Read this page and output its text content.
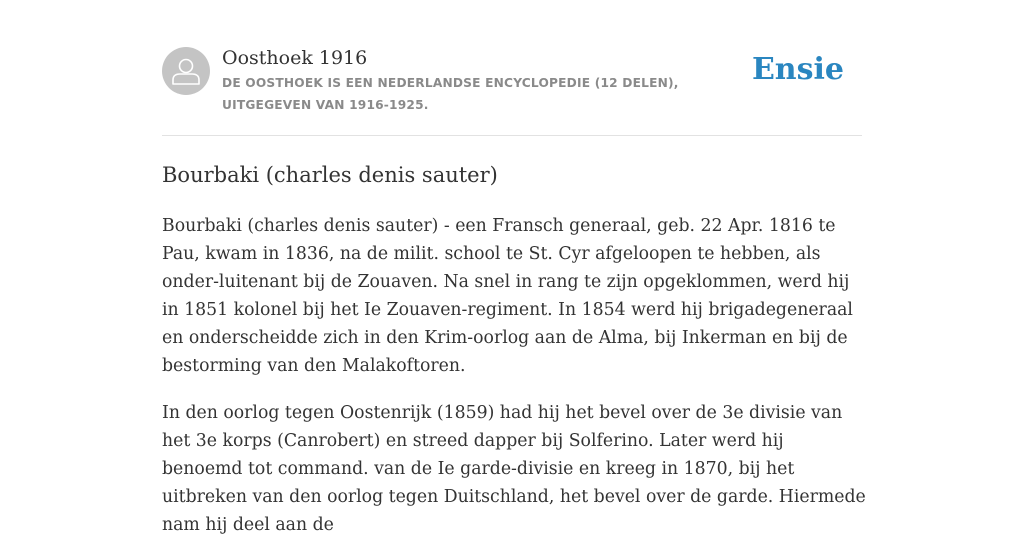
Oosthoek 1916
DE OOSTHOEK IS EEN NEDERLANDSE ENCYCLOPEDIE (12 DELEN), UITGEGEVEN VAN 1916-1925.
Ensie
Bourbaki (charles denis sauter)

Bourbaki (charles denis sauter) - een Fransch generaal, geb. 22 Apr. 1816 te Pau, kwam in 1836, na de milit. school te St. Cyr afgeloopen te hebben, als onder-luitenant bij de Zouaven. Na snel in rang te zijn opgeklommen, werd hij in 1851 kolonel bij het Ie Zouaven-regiment. In 1854 werd hij brigadegeneraal en onderscheidde zich in den Krim-oorlog aan de Alma, bij Inkerman en bij de bestorming van den Malakoftoren.

In den oorlog tegen Oostenrijk (1859) had hij het bevel over de 3e divisie van het 3e korps (Canrobert) en streed dapper bij Solferino. Later werd hij benoemd tot command. van de Ie garde-divisie en kreeg in 1870, bij het uitbreken van den oorlog tegen Duitschland, het bevel over de garde. Hiermede nam hij deel aan de
